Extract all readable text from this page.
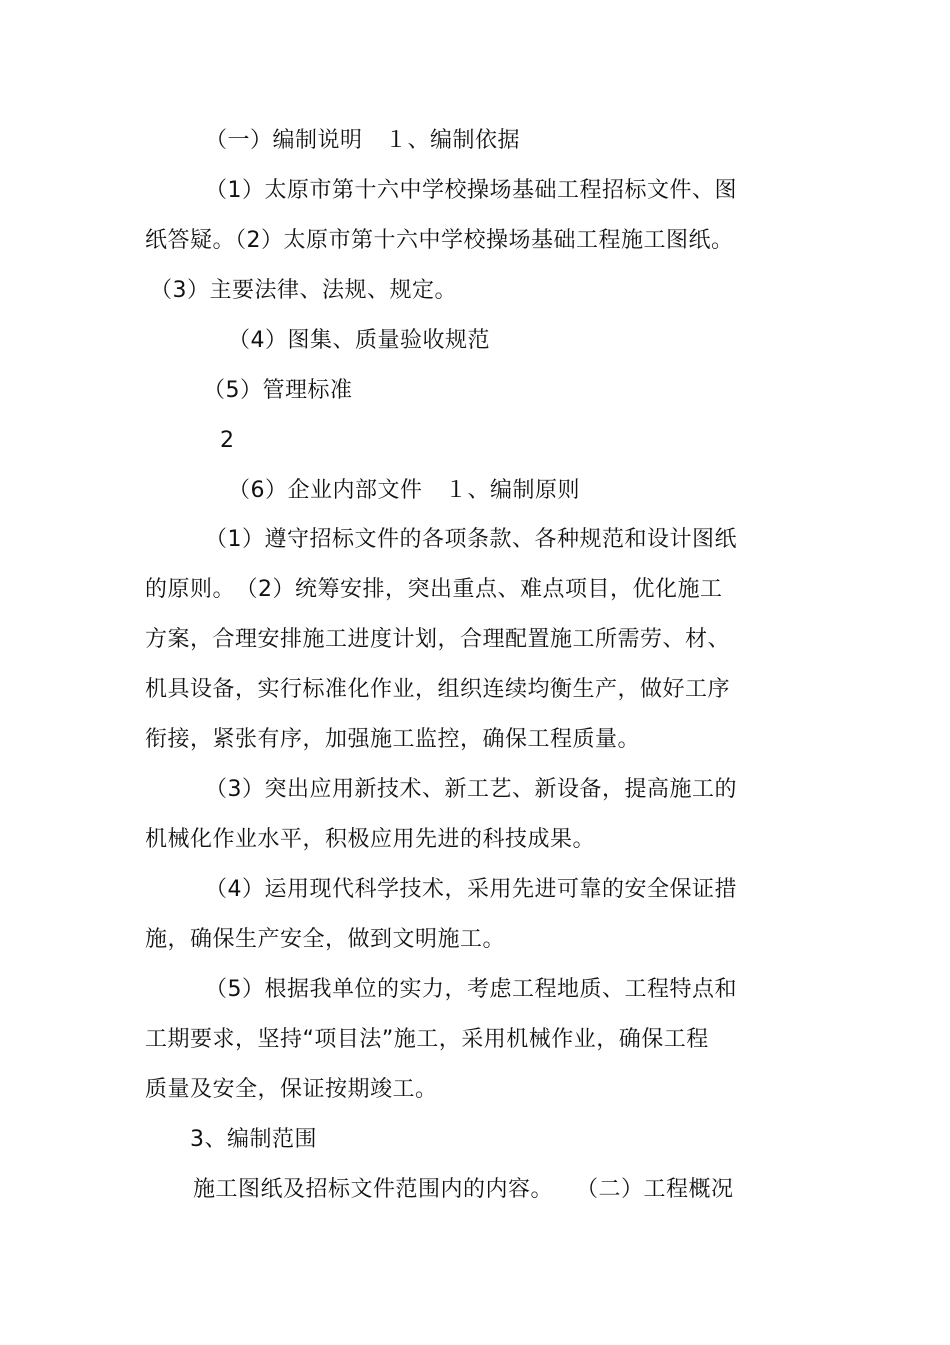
（一）编制说明　１、编制依据
（1）太原市第十六中学校操场基础工程招标文件、图
纸答疑。（2）太原市第十六中学校操场基础工程施工图纸。
（3）主要法律、法规、规定。
（4）图集、质量验收规范
（5）管理标准
2
（6）企业内部文件　１、编制原则
（1）遵守招标文件的各项条款、各种规范和设计图纸
的原则。　（2）统筹安排，突出重点、难点项目，优化施工
方案，合理安排施工进度计划，合理配置施工所需劳、材、
机具设备，实行标准化作业，组织连续均衡生产，做好工序
衔接，紧张有序，加强施工监控，确保工程质量。
（3）突出应用新技术、新工艺、新设备，提高施工的
机械化作业水平，积极应用先进的科技成果。
（4）运用现代科学技术，采用先进可靠的安全保证措
施，确保生产安全，做到文明施工。
（5）根据我单位的实力，考虑工程地质、工程特点和
工期要求，坚持“项目法”施工，采用机械作业，确保工程
质量及安全，保证按期竣工。
3、编制范围
施工图纸及招标文件范围内的内容。　　（二）工程概况
